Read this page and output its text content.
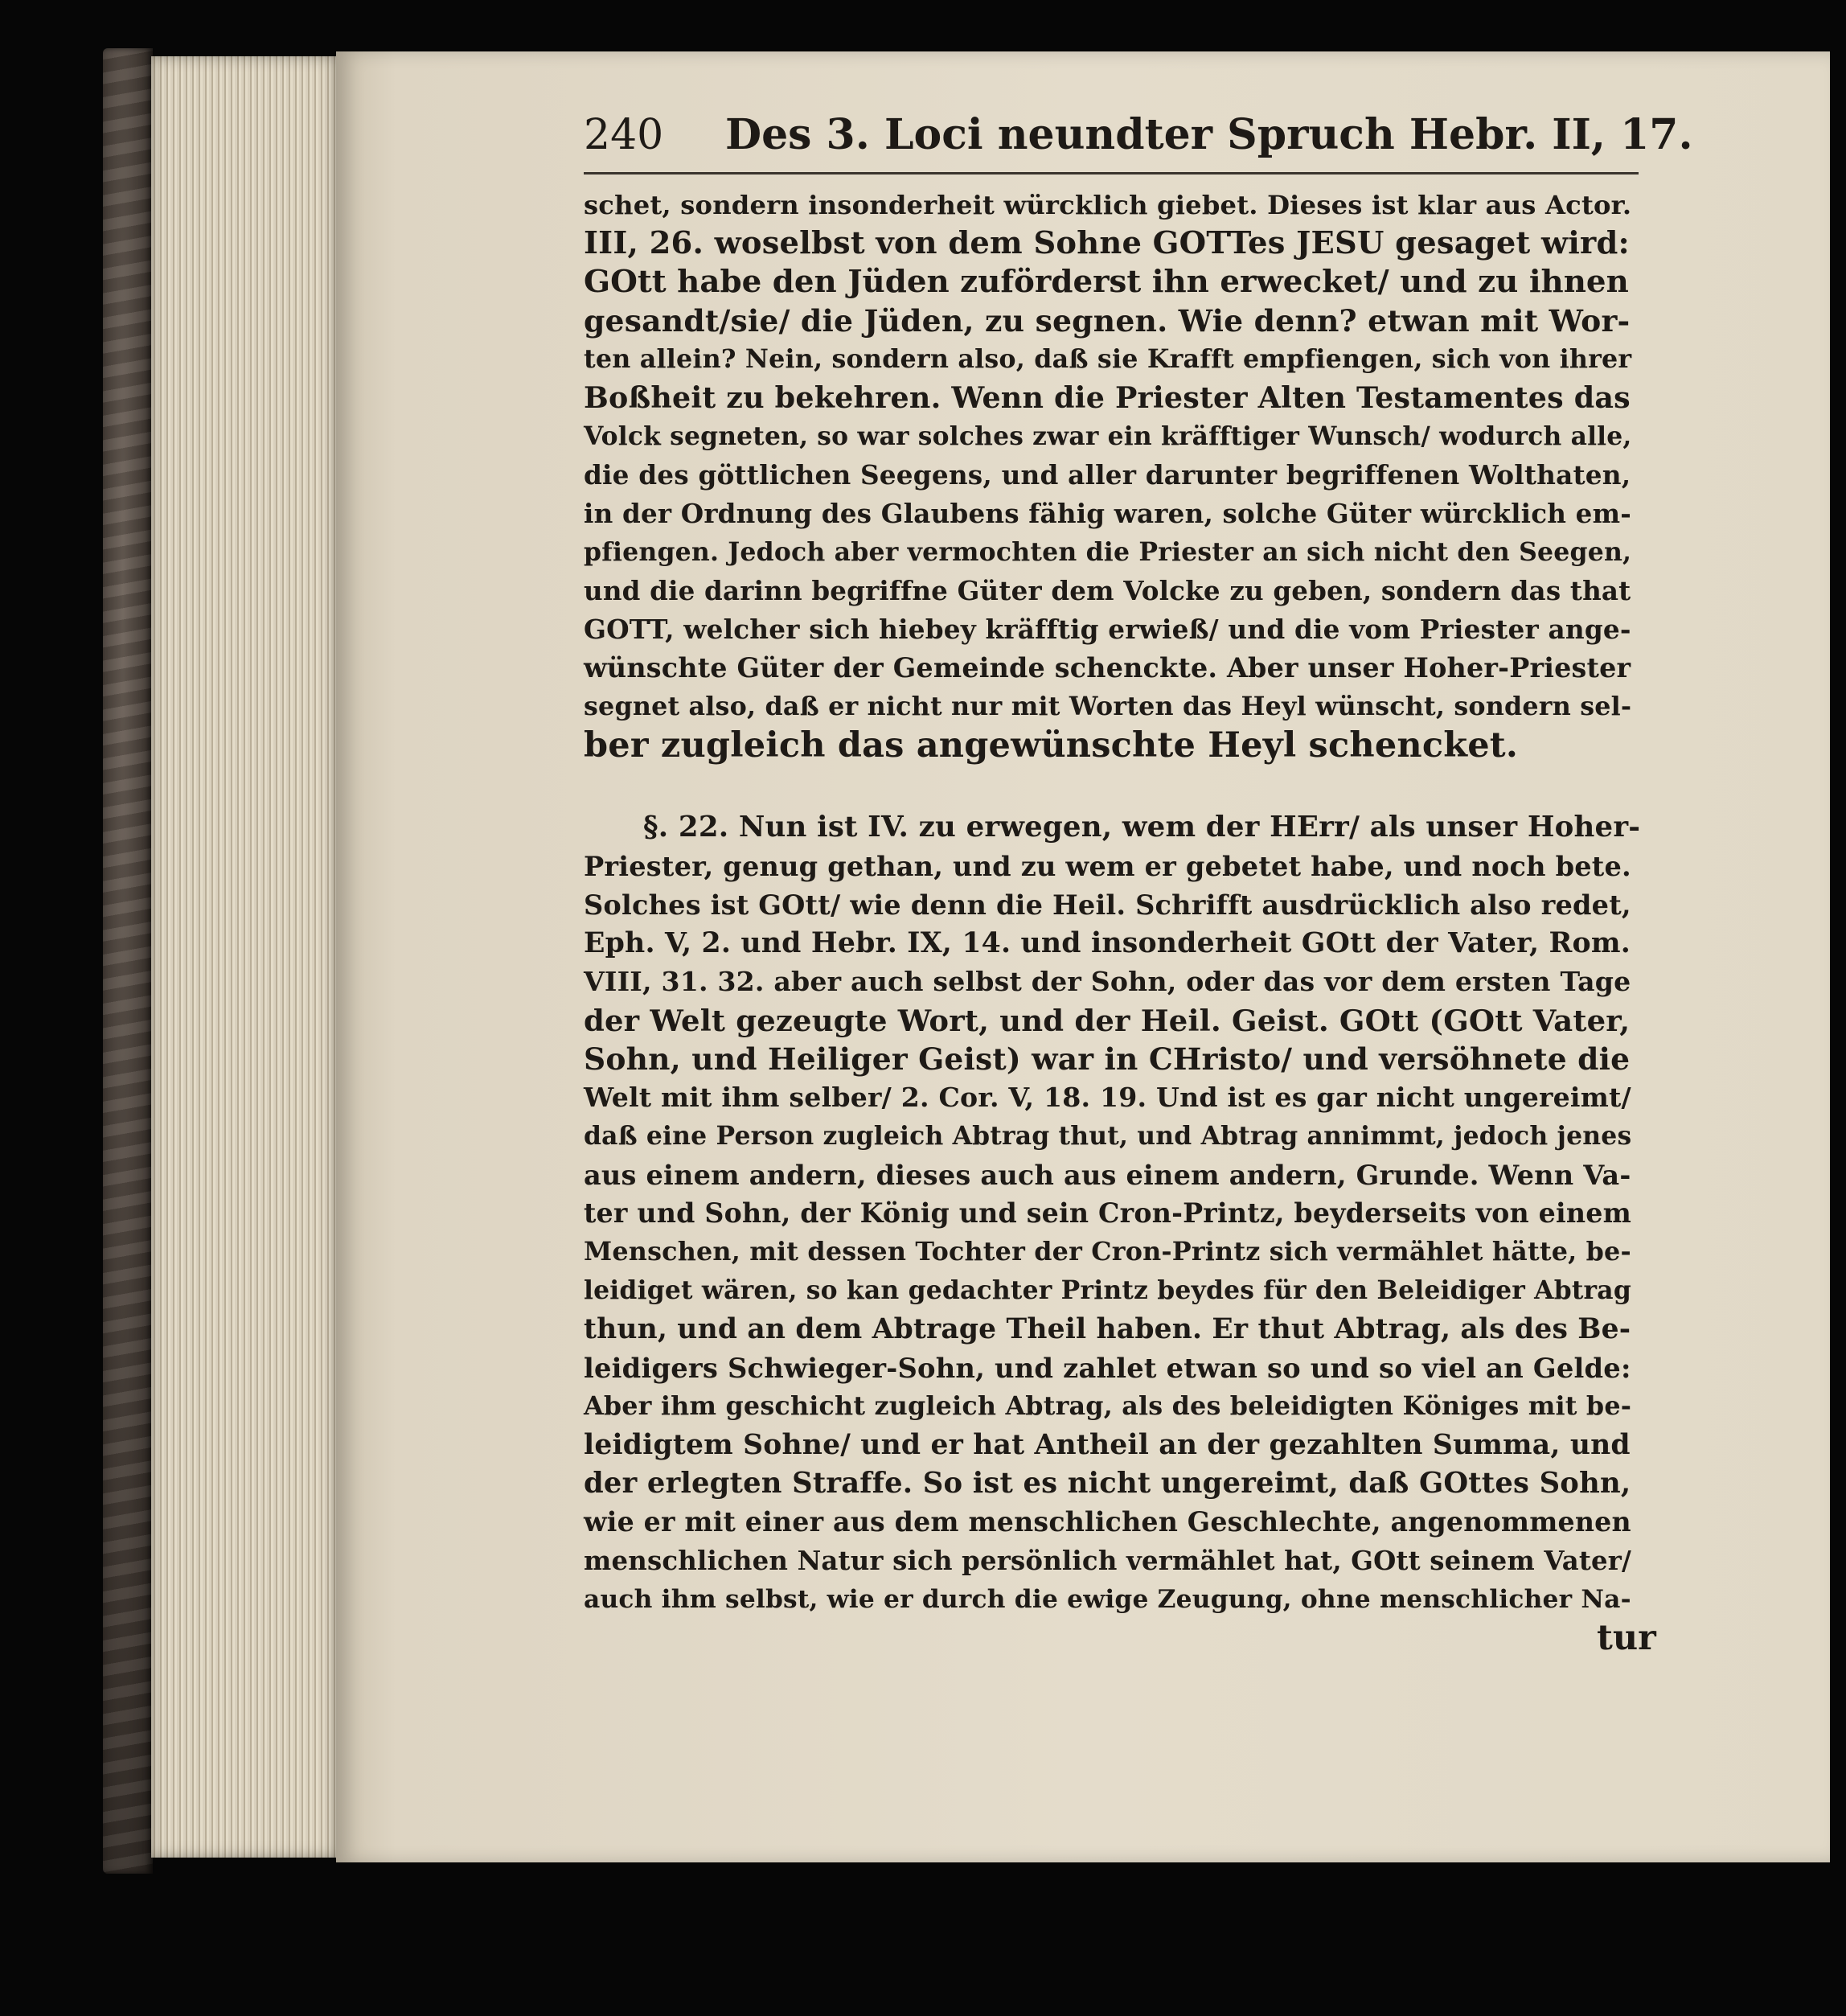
240 Des 3. Loci neundter Spruch Hebr. II, 17.
schet, sondern insonderheit würcklich giebet. Dieses ist klar aus Actor.
III, 26. woselbst von dem Sohne GOTTes JESU gesaget wird:
GOtt habe den Jüden zuförderst ihn erwecket/ und zu ihnen
gesandt/sie/ die Jüden, zu segnen. Wie denn? etwan mit Wor-
ten allein? Nein, sondern also, daß sie Krafft empfiengen, sich von ihrer
Boßheit zu bekehren. Wenn die Priester Alten Testamentes das
Volck segneten, so war solches zwar ein kräfftiger Wunsch/ wodurch alle,
die des göttlichen Seegens, und aller darunter begriffenen Wolthaten,
in der Ordnung des Glaubens fähig waren, solche Güter würcklich em-
pfiengen. Jedoch aber vermochten die Priester an sich nicht den Seegen,
und die darinn begriffne Güter dem Volcke zu geben, sondern das that
GOTT, welcher sich hiebey kräfftig erwieß/ und die vom Priester ange-
wünschte Güter der Gemeinde schenckte. Aber unser Hoher-Priester
segnet also, daß er nicht nur mit Worten das Heyl wünscht, sondern sel-
ber zugleich das angewünschte Heyl schencket.
§. 22. Nun ist IV. zu erwegen, wem der HErr/ als unser Hoher-
Priester, genug gethan, und zu wem er gebetet habe, und noch bete.
Solches ist GOtt/ wie denn die Heil. Schrifft ausdrücklich also redet,
Eph. V, 2. und Hebr. IX, 14. und insonderheit GOtt der Vater, Rom.
VIII, 31. 32. aber auch selbst der Sohn, oder das vor dem ersten Tage
der Welt gezeugte Wort, und der Heil. Geist. GOtt (GOtt Vater,
Sohn, und Heiliger Geist) war in CHristo/ und versöhnete die
Welt mit ihm selber/ 2. Cor. V, 18. 19. Und ist es gar nicht ungereimt/
daß eine Person zugleich Abtrag thut, und Abtrag annimmt, jedoch jenes
aus einem andern, dieses auch aus einem andern, Grunde. Wenn Va-
ter und Sohn, der König und sein Cron-Printz, beyderseits von einem
Menschen, mit dessen Tochter der Cron-Printz sich vermählet hätte, be-
leidiget wären, so kan gedachter Printz beydes für den Beleidiger Abtrag
thun, und an dem Abtrage Theil haben. Er thut Abtrag, als des Be-
leidigers Schwieger-Sohn, und zahlet etwan so und so viel an Gelde:
Aber ihm geschicht zugleich Abtrag, als des beleidigten Königes mit be-
leidigtem Sohne/ und er hat Antheil an der gezahlten Summa, und
der erlegten Straffe. So ist es nicht ungereimt, daß GOttes Sohn,
wie er mit einer aus dem menschlichen Geschlechte, angenommenen
menschlichen Natur sich persönlich vermählet hat, GOtt seinem Vater/
auch ihm selbst, wie er durch die ewige Zeugung, ohne menschlicher Na-
tur
